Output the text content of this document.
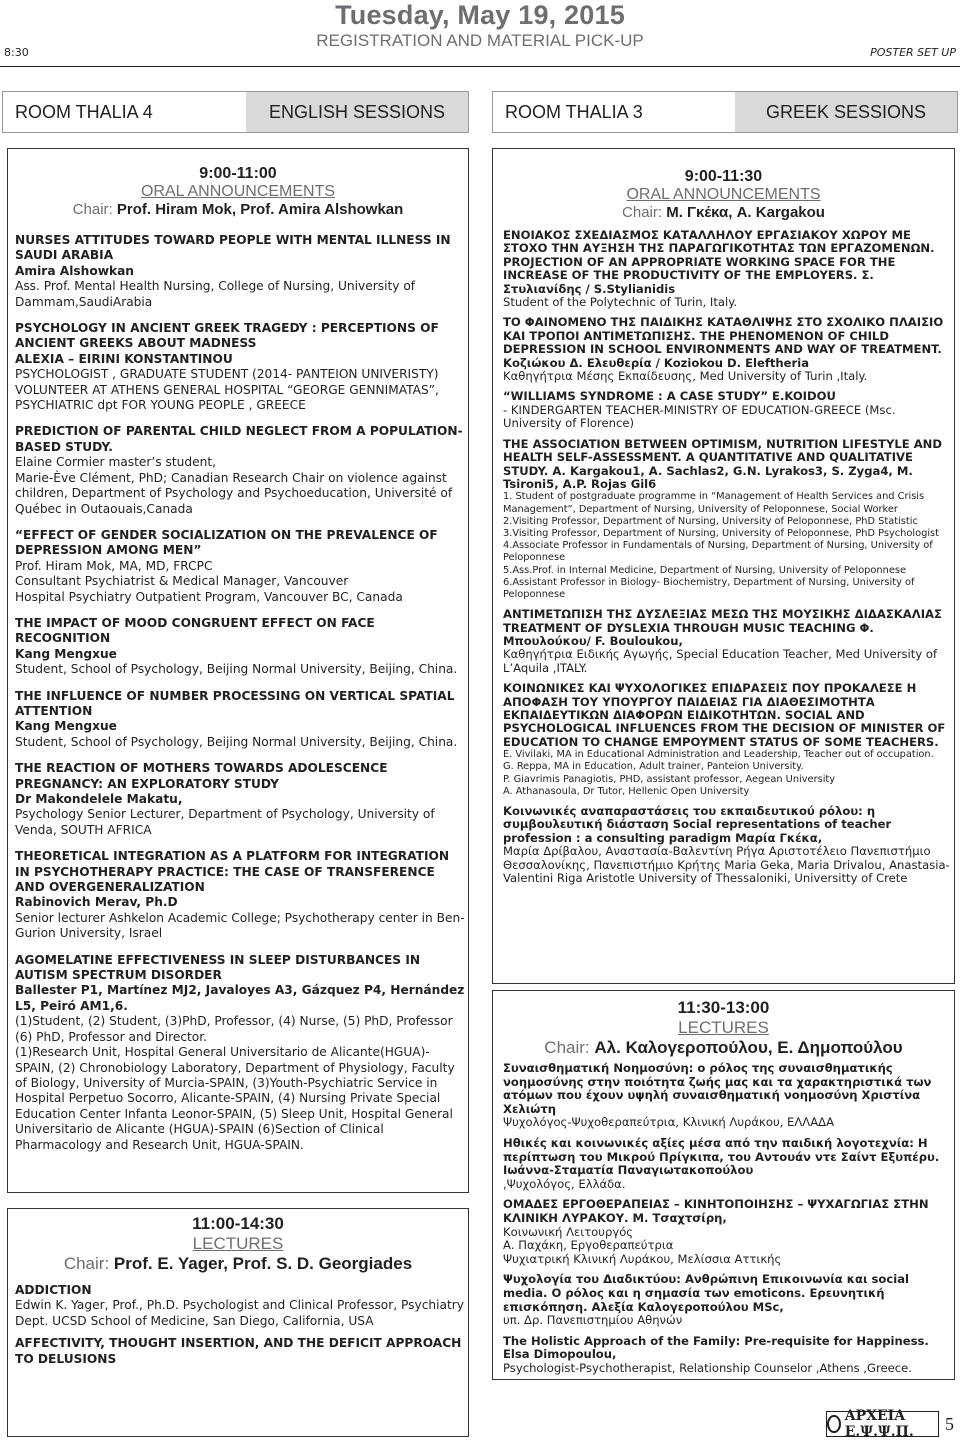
Tuesday, May 19, 2015
REGISTRATION AND MATERIAL PICK-UP
8:30	POSTER SET UP
ROOM THALIA 4	ENGLISH SESSIONS	ROOM THALIA 3	GREEK SESSIONS
9:00-11:00
ORAL ANNOUNCEMENTS
Chair: Prof. Hiram Mok, Prof. Amira Alshowkan
NURSES ATTITUDES TOWARD PEOPLE WITH MENTAL ILLNESS IN SAUDI ARABIA
Amira Alshowkan
Ass. Prof. Mental Health Nursing, College of Nursing, University of Dammam,SaudiArabia
PSYCHOLOGY IN ANCIENT GREEK TRAGEDY : PERCEPTIONS OF ANCIENT GREEKS ABOUT MADNESS
ALEXIA – EIRINI KONSTANTINOU
PSYCHOLOGIST , GRADUATE STUDENT (2014- PANTEION UNIVERISTY) VOLUNTEER AT ATHENS GENERAL HOSPITAL “GEORGE GENNIMATAS”, PSYCHIATRIC dpt FOR YOUNG PEOPLE , GREECE
PREDICTION OF PARENTAL CHILD NEGLECT FROM A POPULATION-BASED STUDY.
Elaine Cormier master’s student,
Marie-Ève Clément, PhD; Canadian Research Chair on violence against children, Department of Psychology and Psychoeducation, Université of Québec in Outaouais,Canada
“EFFECT OF GENDER SOCIALIZATION ON THE PREVALENCE OF DEPRESSION AMONG MEN”
Prof. Hiram Mok, MA, MD, FRCPC
Consultant Psychiatrist & Medical Manager, Vancouver
Hospital Psychiatry Outpatient Program, Vancouver BC, Canada
THE IMPACT OF MOOD CONGRUENT EFFECT ON FACE RECOGNITION
Kang Mengxue
Student, School of Psychology, Beijing Normal University, Beijing, China.
THE INFLUENCE OF NUMBER PROCESSING ON VERTICAL SPATIAL ATTENTION
Kang Mengxue
Student, School of Psychology, Beijing Normal University, Beijing, China.
THE REACTION OF MOTHERS TOWARDS ADOLESCENCE PREGNANCY: AN EXPLORATORY STUDY
Dr Makondelele Makatu,
Psychology Senior Lecturer, Department of Psychology, University of Venda, SOUTH AFRICA
THEORETICAL INTEGRATION AS A PLATFORM FOR INTEGRATION IN PSYCHOTHERAPY PRACTICE: THE CASE OF TRANSFERENCE AND OVERGENERALIZATION
Rabinovich Merav, Ph.D
Senior lecturer Ashkelon Academic College; Psychotherapy center in Ben-Gurion University, Israel
AGOMELATINE EFFECTIVENESS IN SLEEP DISTURBANCES IN AUTISM SPECTRUM DISORDER
Ballester P1, Martínez MJ2, Javaloyes A3, Gázquez P4, Hernández L5, Peiró AM1,6.
(1)Student, (2) Student, (3)PhD, Professor, (4) Nurse, (5) PhD, Professor (6) PhD, Professor and Director.
(1)Research Unit, Hospital General Universitario de Alicante(HGUA)-SPAIN, (2) Chronobiology Laboratory, Department of Physiology, Faculty of Biology, University of Murcia-SPAIN, (3)Youth-Psychiatric Service in Hospital Perpetuo Socorro, Alicante-SPAIN, (4) Nursing Private Special Education Center Infanta Leonor-SPAIN, (5) Sleep Unit, Hospital General Universitario de Alicante (HGUA)-SPAIN (6)Section of Clinical Pharmacology and Research Unit, HGUA-SPAIN.
11:00-14:30
LECTURES
Chair: Prof. E. Yager, Prof. S. D. Georgiades
ADDICTION
Edwin K. Yager, Prof., Ph.D. Psychologist and Clinical Professor, Psychiatry Dept. UCSD School of Medicine, San Diego, California, USA
AFFECTIVITY, THOUGHT INSERTION, AND THE DEFICIT APPROACH TO DELUSIONS
9:00-11:30
ORAL ANNOUNCEMENTS
Chair: M. Γκέκα, A. Kargakou
ΕΝΟΙΑΚΟΣ ΣΧΕΔΙΑΣΜΟΣ ΚΑΤΑΛΛΗΛΟΥ ΕΡΓΑΣΙΑΚΟΥ ΧΩΡΟΥ ΜΕ ΣΤΟΧΟ ΤΗΝ ΑΥΞΗΣΗ ΤΗΣ ΠΑΡΑΓΩΓΙΚΟΤΗΤΑΣ ΤΩΝ ΕΡΓΑΖΟΜΕΝΩΝ. PROJECTION OF AN APPROPRIATE WORKING SPACE FOR THE INCREASE OF THE PRODUCTIVITY OF THE EMPLOYERS. Σ. Στυλιανίδης / S.Stylianidis
Student of the Polytechnic of Turin, Italy.
ΤΟ ΦΑΙΝΟΜΕΝΟ ΤΗΣ ΠΑΙΔΙΚΗΣ ΚΑΤΑΘΛΙΨΗΣ ΣΤΟ ΣΧΟΛΙΚΟ ΠΛΑΙΣΙΟ ΚΑΙ ΤΡΟΠΟΙ ΑΝΤΙΜΕΤΩΠΙΣΗΣ. THE PHENOMENON OF CHILD DEPRESSION IN SCHOOL ENVIRONMENTS AND WAY OF TREATMENT. Κοζιώκου Δ. Ελευθερία / Koziokou D. Eleftheria
Καθηγήτρια Μέσης Εκπαίδευσης, Med University of Turin ,Italy.
“WILLIAMS SYNDROME : A CASE STUDY” E.KOIDOU
- KINDERGARTEN TEACHER-MINISTRY OF EDUCATION-GREECE (Msc. University of Florence)
THE ASSOCIATION BETWEEN OPTIMISM, NUTRITION LIFESTYLE AND HEALTH SELF-ASSESSMENT. A QUANTITATIVE AND QUALITATIVE STUDY. A. Kargakou1, A. Sachlas2, G.N. Lyrakos3, S. Zyga4, M. Tsironi5, A.P. Rojas Gil6
1. Student of postgraduate programme in “Management of Health Services and Crisis Management”, Department of Nursing, University of Peloponnese, Social Worker
2.Visiting Professor, Department of Nursing, University of Peloponnese, PhD Statistic
3.Visiting Professor, Department of Nursing, University of Peloponnese, PhD Psychologist
4.Associate Professor in Fundamentals of Nursing, Department of Nursing, University of Peloponnese
5.Ass.Prof. in Internal Medicine, Department of Nursing, University of Peloponnese
6.Assistant Professor in Biology- Biochemistry, Department of Nursing, University of Peloponnese
ΑΝΤΙΜΕΤΩΠΙΣΗ ΤΗΣ ΔΥΣΛΕΞΙΑΣ ΜΕΣΩ ΤΗΣ ΜΟΥΣΙΚΗΣ ΔΙΔΑΣΚΑΛΙΑΣ TREATMENT OF DYSLEXIA THROUGH MUSIC TEACHING Φ. Μπουλούκου/ F. Bouloukou,
Καθηγήτρια Ειδικής Αγωγής, Special Education Teacher, Med University of L’Aquila ,ITALY.
ΚΟΙΝΩΝΙΚΕΣ ΚΑΙ ΨΥΧΟΛΟΓΙΚΕΣ ΕΠΙΔΡΑΣΕΙΣ ΠΟΥ ΠΡΟΚΑΛΕΣΕ Η ΑΠΟΦΑΣΗ ΤΟΥ ΥΠΟΥΡΓΟΥ ΠΑΙΔΕΙΑΣ ΓΙΑ ΔΙΑΘΕΣΙΜΟΤΗΤΑ ΕΚΠΑΙΔΕΥΤΙΚΩΝ ΔΙΑΦΟΡΩΝ ΕΙΔΙΚΟΤΗΤΩΝ. SOCIAL AND PSYCHOLOGICAL INFLUENCES FROM THE DECISION OF MINISTER OF EDUCATION TO CHANGE EMPOYMENT STATUS OF SOME TEACHERS.
E. Vivilaki, MA in Educational Administration and Leadership, Teacher out of occupation.
G. Reppa, MA in Education, Adult trainer, Panteion University.
P. Giavrimis Panagiotis, PHD, assistant professor, Aegean University
A. Athanasoula, Dr Tutor, Hellenic Open University
Κοινωνικές αναπαραστάσεις του εκπαιδευτικού ρόλου: η συμβουλευτική διάσταση Social representations of teacher profession : a consulting paradigm Μαρία Γκέκα,
Μαρία Δρίβαλου, Αναστασία-Βαλεντίνη Ρήγα Αριστοτέλειο Πανεπιστήμιο Θεσσαλονίκης, Πανεπιστήμιο Κρήτης Maria Geka, Maria Drivalou, Anastasia-Valentini Riga Aristotle University of Thessaloniki, Universitty of Crete
11:30-13:00
LECTURES
Chair: Αλ. Καλογεροπούλου, Ε. Δημοπούλου
Συναισθηματική Νοημοσύνη: ο ρόλος της συναισθηματικής νοημοσύνης στην ποιότητα ζωής μας και τα χαρακτηριστικά των ατόμων που έχουν υψηλή συναισθηματική νοημοσύνη Χριστίνα Χελιώτη
Ψυχολόγος-Ψυχοθεραπεύτρια, Κλινική Λυράκου, ΕΛΛΑΔΑ
Ηθικές και κοινωνικές αξίες μέσα από την παιδική λογοτεχνία: Η περίπτωση του Μικρού Πρίγκιπα, του Αντουάν ντε Σαίντ Εξυπέρυ. Ιωάννα-Σταματία Παναγιωτακοπούλου
,Ψυχολόγος, Ελλάδα.
ΟΜΑΔΕΣ ΕΡΓΟΘΕΡΑΠΕΙΑΣ – ΚΙΝΗΤΟΠΟΙΗΣΗΣ – ΨΥΧΑΓΩΓΙΑΣ ΣΤΗΝ ΚΛΙΝΙΚΗ ΛΥΡΑΚΟΥ. Μ. Τσαχτσίρη,
Κοινωνική Λειτουργός
Α. Παχάκη, Εργοθεραπεύτρια
Ψυχιατρική Κλινική Λυράκου, Μελίσσια Αττικής
Ψυχολογία του Διαδικτύου: Ανθρώπινη Επικοινωνία και social media. Ο ρόλος και η σημασία των emoticons. Ερευνητική επισκόπηση. Αλεξία Καλογεροπούλου MSc,
υπ. Δρ. Πανεπιστημίου Αθηνών
The Holistic Approach of the Family: Pre-requisite for Happiness. Elsa Dimopoulou,
Psychologist-Psychotherapist, Relationship Counselor ,Athens ,Greece.
ΑΡΧΕΙΑ Ε.Ψ.Ψ.Π.	5
